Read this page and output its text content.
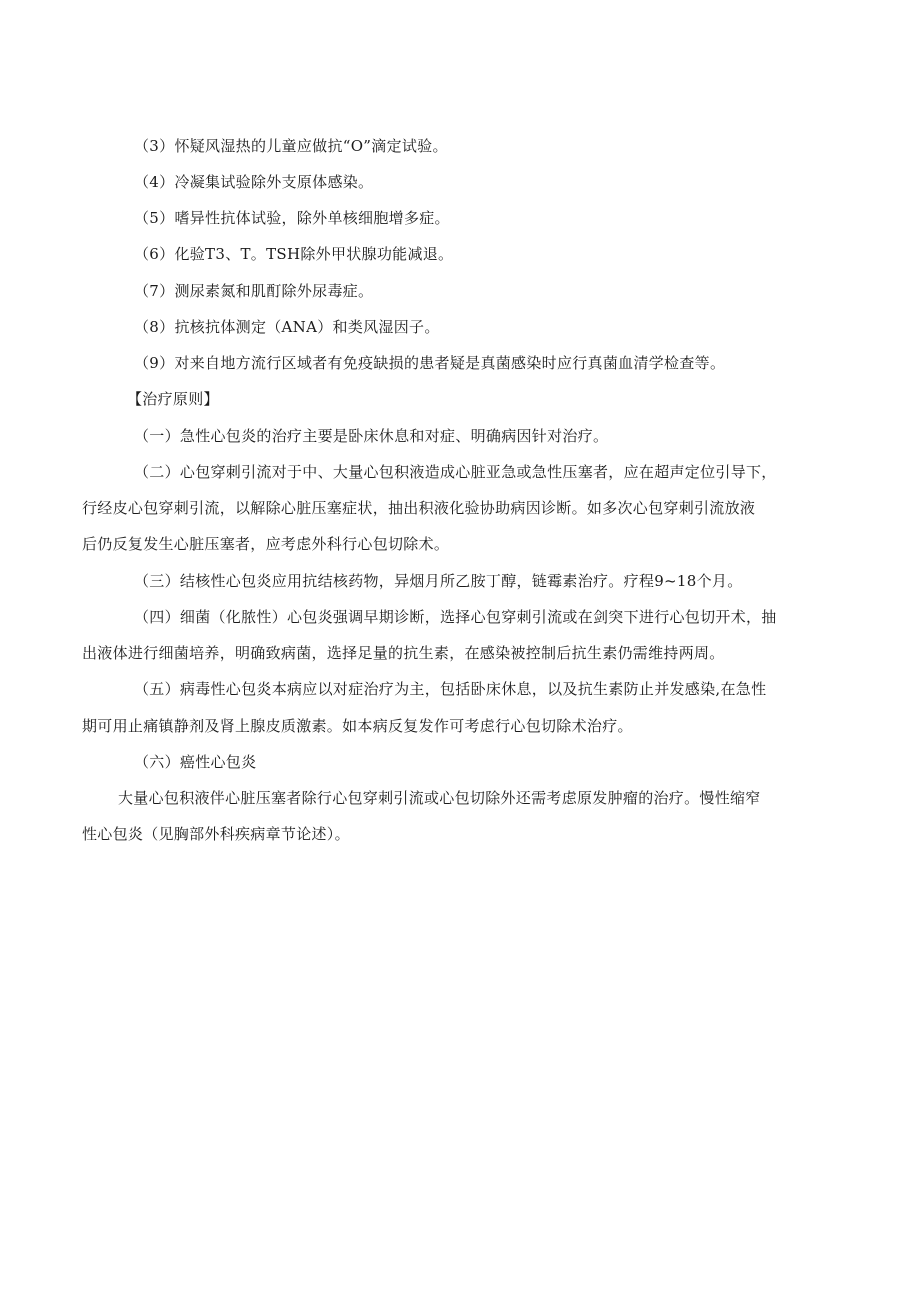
（3）怀疑风湿热的儿童应做抗“O”滴定试验。
（4）冷凝集试验除外支原体感染。
（5）嗜异性抗体试验，除外单核细胞增多症。
（6）化验T3、T。TSH除外甲状腺功能减退。
（7）测尿素氮和肌酊除外尿毒症。
（8）抗核抗体测定（ANA）和类风湿因子。
（9）对来自地方流行区域者有免疫缺损的患者疑是真菌感染时应行真菌血清学检查等。
【治疗原则】
（一）急性心包炎的治疗主要是卧床休息和对症、明确病因针对治疗。
（二）心包穿刺引流对于中、大量心包积液造成心脏亚急或急性压塞者，应在超声定位引导下，
行经皮心包穿刺引流，以解除心脏压塞症状，抽出积液化验协助病因诊断。如多次心包穿刺引流放液
后仍反复发生心脏压塞者，应考虑外科行心包切除术。
（三）结核性心包炎应用抗结核药物，异烟月所乙胺丁醇，链霉素治疗。疗程9~18个月。
（四）细菌（化脓性）心包炎强调早期诊断，选择心包穿刺引流或在剑突下进行心包切开术，抽
出液体进行细菌培养，明确致病菌，选择足量的抗生素，在感染被控制后抗生素仍需维持两周。
（五）病毒性心包炎本病应以对症治疗为主，包括卧床休息，以及抗生素防止并发感染,在急性
期可用止痛镇静剂及肾上腺皮质激素。如本病反复发作可考虑行心包切除术治疗。
（六）癌性心包炎
大量心包积液伴心脏压塞者除行心包穿刺引流或心包切除外还需考虑原发肿瘤的治疗。慢性缩窄
性心包炎（见胸部外科疾病章节论述）。
